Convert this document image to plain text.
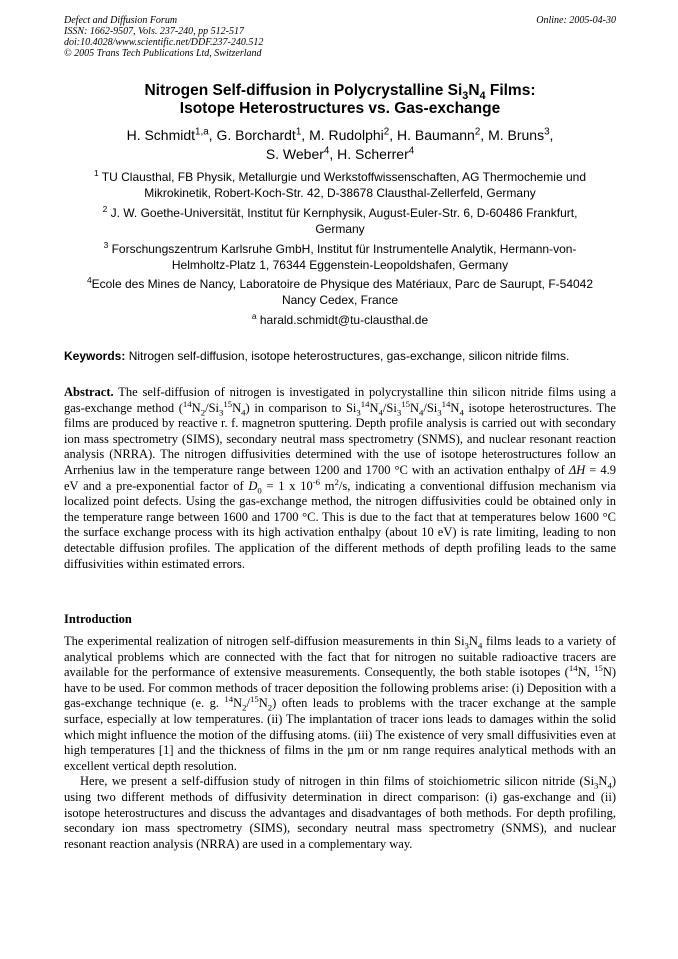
Defect and Diffusion Forum
ISSN: 1662-9507, Vols. 237-240, pp 512-517
doi:10.4028/www.scientific.net/DDF.237-240.512
© 2005 Trans Tech Publications Ltd, Switzerland
Online: 2005-04-30
Nitrogen Self-diffusion in Polycrystalline $Si_3N_4$ Films:
Isotope Heterostructures vs. Gas-exchange
H. Schmidt$^{1,a}$, G. Borchardt$^1$, M. Rudolphi$^2$, H. Baumann$^2$, M. Bruns$^3$,
S. Weber$^4$, H. Scherrer$^4$
$^1$ TU Clausthal, FB Physik, Metallurgie und Werkstoffwissenschaften, AG Thermochemie und
Mikrokinetik, Robert-Koch-Str. 42, D-38678 Clausthal-Zellerfeld, Germany
$^2$ J. W. Goethe-Universität, Institut für Kernphysik, August-Euler-Str. 6, D-60486 Frankfurt,
Germany
$^3$ Forschungszentrum Karlsruhe GmbH, Institut für Instrumentelle Analytik, Hermann-von-
Helmholtz-Platz 1, 76344 Eggenstein-Leopoldshafen, Germany
$^4$Ecole des Mines de Nancy, Laboratoire de Physique des Matériaux, Parc de Saurupt, F-54042
Nancy Cedex, France
$^a$ harald.schmidt@tu-clausthal.de
Keywords: Nitrogen self-diffusion, isotope heterostructures, gas-exchange, silicon nitride films.
Abstract. The self-diffusion of nitrogen is investigated in polycrystalline thin silicon nitride films using a gas-exchange method $(^{14}N_2/Si_3^{15}N_4)$ in comparison to $Si_3^{14}N_4/Si_3^{15}N_4/Si_3^{14}N_4$ isotope heterostructures. The films are produced by reactive r. f. magnetron sputtering. Depth profile analysis is carried out with secondary ion mass spectrometry (SIMS), secondary neutral mass spectrometry (SNMS), and nuclear resonant reaction analysis (NRRA). The nitrogen diffusivities determined with the use of isotope heterostructures follow an Arrhenius law in the temperature range between 1200 and 1700 °C with an activation enthalpy of ΔH = 4.9 eV and a pre-exponential factor of $D_0 = 1$ x $10^{-6}$ $m^2/s$, indicating a conventional diffusion mechanism via localized point defects. Using the gas-exchange method, the nitrogen diffusivities could be obtained only in the temperature range between 1600 and 1700 °C. This is due to the fact that at temperatures below 1600 °C the surface exchange process with its high activation enthalpy (about 10 eV) is rate limiting, leading to non detectable diffusion profiles. The application of the different methods of depth profiling leads to the same diffusivities within estimated errors.
Introduction

The experimental realization of nitrogen self-diffusion measurements in thin $Si_3N_4$ films leads to a variety of analytical problems which are connected with the fact that for nitrogen no suitable radioactive tracers are available for the performance of extensive measurements. Consequently, the both stable isotopes ($^{14}$N, $^{15}$N) have to be used. For common methods of tracer deposition the following problems arise: (i) Deposition with a gas-exchange technique (e. g. $^{14}N_2/^{15}N_2$) often leads to problems with the tracer exchange at the sample surface, especially at low temperatures. (ii) The implantation of tracer ions leads to damages within the solid which might influence the motion of the diffusing atoms. (iii) The existence of very small diffusivities even at high temperatures [1] and the thickness of films in the µm or nm range requires analytical methods with an excellent vertical depth resolution.

Here, we present a self-diffusion study of nitrogen in thin films of stoichiometric silicon nitride $(Si_3N_4)$ using two different methods of diffusivity determination in direct comparison: (i) gas-exchange and (ii) isotope heterostructures and discuss the advantages and disadvantages of both methods. For depth profiling, secondary ion mass spectrometry (SIMS), secondary neutral mass spectrometry (SNMS), and nuclear resonant reaction analysis (NRRA) are used in a complementary way.
